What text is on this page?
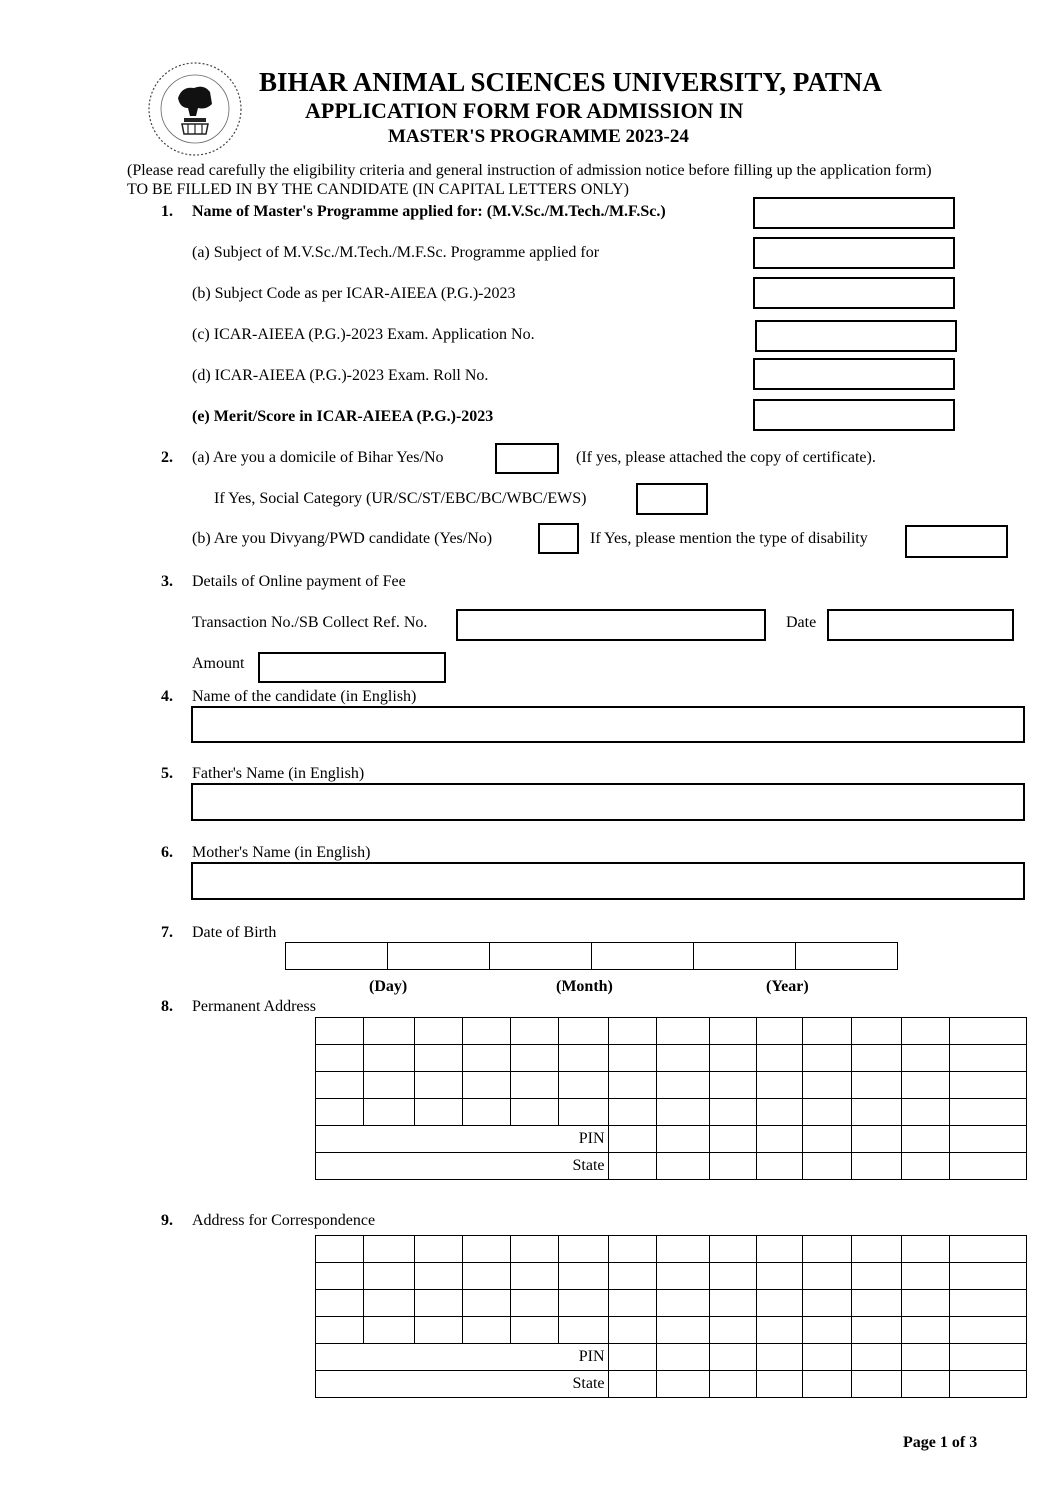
BIHAR ANIMAL SCIENCES UNIVERSITY, PATNA
APPLICATION FORM FOR ADMISSION IN
MASTER'S PROGRAMME 2023-24
(Please read carefully the eligibility criteria and general instruction of admission notice before filling up the application form)
TO BE FILLED IN BY THE CANDIDATE (IN CAPITAL LETTERS ONLY)
1. Name of Master's Programme applied for: (M.V.Sc./M.Tech./M.F.Sc.)
(a) Subject of M.V.Sc./M.Tech./M.F.Sc. Programme applied for
(b) Subject Code as per ICAR-AIEEA (P.G.)-2023
(c) ICAR-AIEEA (P.G.)-2023 Exam. Application No.
(d) ICAR-AIEEA (P.G.)-2023 Exam. Roll No.
(e) Merit/Score in ICAR-AIEEA (P.G.)-2023
2. (a) Are you a domicile of Bihar Yes/No	(If yes, please attached the copy of certificate).
If Yes, Social Category (UR/SC/ST/EBC/BC/WBC/EWS)
(b) Are you Divyang/PWD candidate (Yes/No)	If Yes, please mention the type of disability
3. Details of Online payment of Fee
Transaction No./SB Collect Ref. No.	Date
Amount
4. Name of the candidate (in English)
5. Father's Name (in English)
6. Mother's Name (in English)
7. Date of Birth

(Day)	(Month)	(Year)
8. Permanent Address

PIN													
State													
9. Address for Correspondence

PIN													
State													
Page 1 of 3
